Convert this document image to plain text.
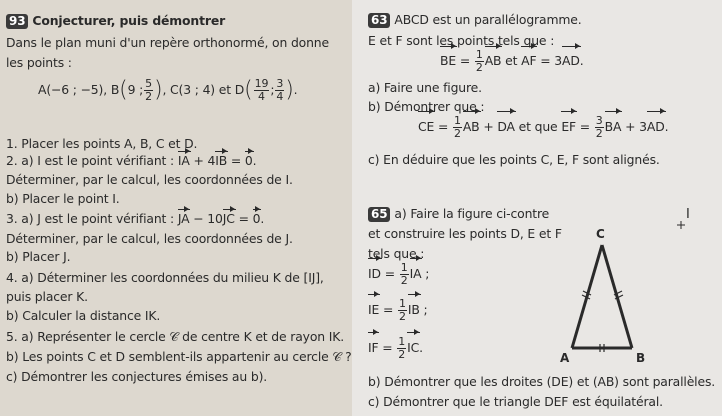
93 Conjecturer, puis démontrer
Dans le plan muni d'un repère orthonormé, on donne
les points :
A(−6 ; −5), B(9 ; $\frac{5}{2}$ ), C(3 ; 4) et $D( \frac{19}{4}$ ; $\frac{3}{4}$ ).
1. Placer les points A, B, C et D.
2. a) I est le point vérifiant : IA + 4IB = 0.
Déterminer, par le calcul, les coordonnées de I.
b) Placer le point I.
3. a) J est le point vérifiant : JA − 10JC = 0.
Déterminer, par le calcul, les coordonnées de J.
b) Placer J.
4. a) Déterminer les coordonnées du milieu K de [IJ],
puis placer K.
b) Calculer la distance IK.
5. a) Représenter le cercle 𝒞 de centre K et de rayon IK.
b) Les points C et D semblent-ils appartenir au cercle 𝒞 ?
c) Démontrer les conjectures émises au b).
63 ABCD est un parallélogramme.
E et F sont les points tels que :
BE = $\frac{1}{2}$ AB et AF = 3AD.
a) Faire une figure.
b) Démontrer que :
CE = $\frac{1}{2}$ AB + DA et que EF = $\frac{3}{2}$ BA + 3AD.
c) En déduire que les points C, E, F sont alignés.
65 a) Faire la figure ci-contre
et construire les points D, E et F
tels que :
ID = $\frac{1}{2}$ IA ;
IE = $\frac{1}{2}$ IB ;
IF = $\frac{1}{2}$ IC.
I
C
A	B
b) Démontrer que les droites (DE) et (AB) sont parallèles.
c) Démontrer que le triangle DEF est équilatéral.
